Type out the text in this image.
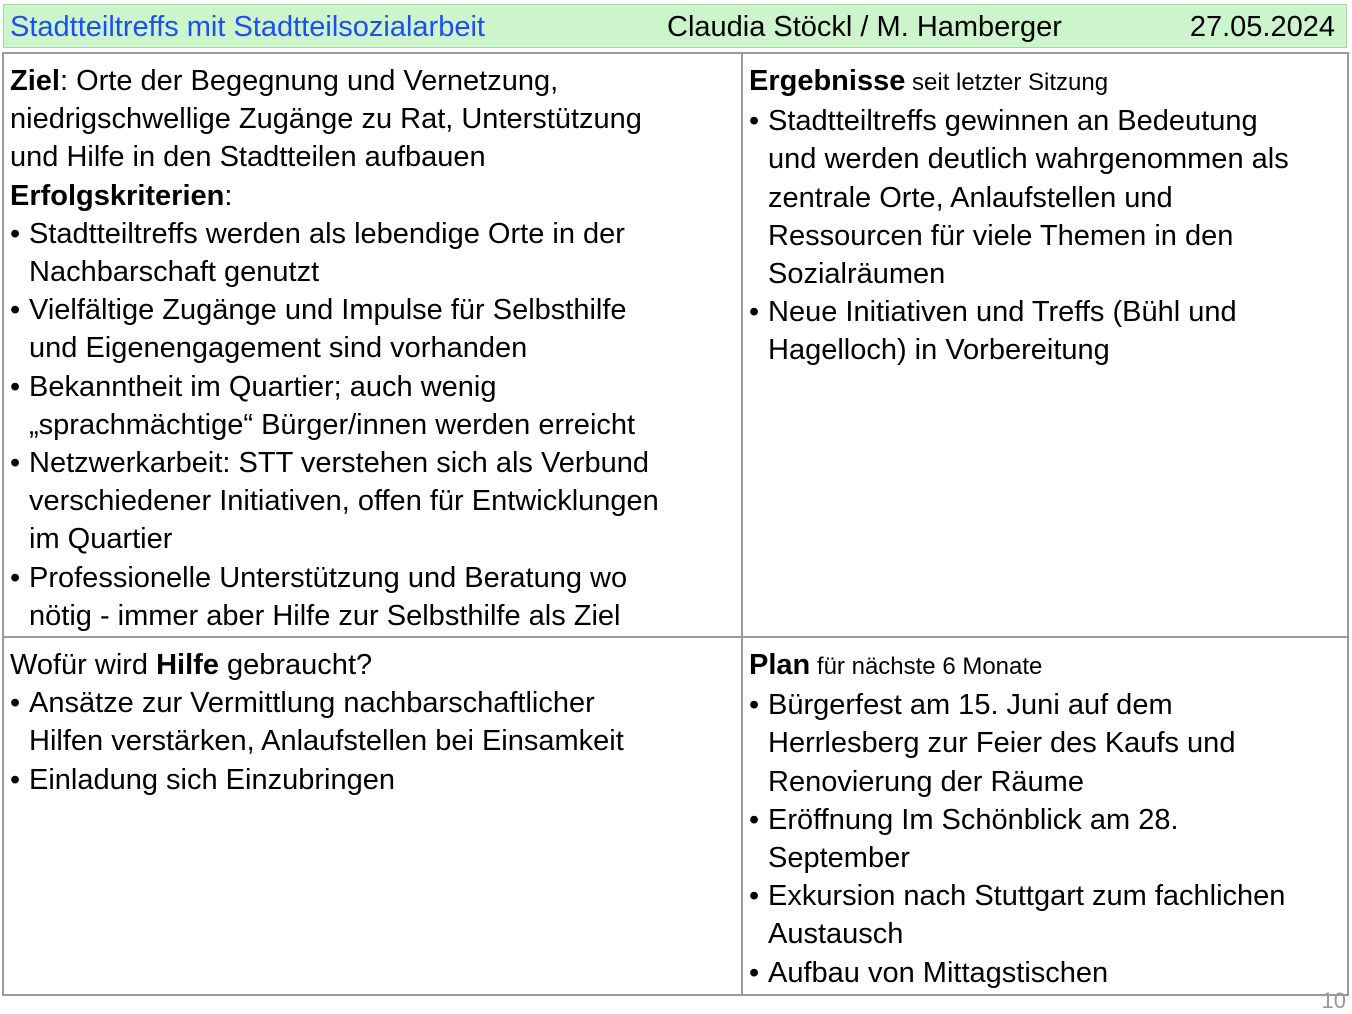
Stadtteiltreffs mit Stadtteilsozialarbeit	Claudia Stöckl / M. Hamberger	27.05.2024
Ziel: Orte der Begegnung und Vernetzung,
niedrigschwellige Zugänge zu Rat, Unterstützung
und Hilfe in den Stadtteilen aufbauen
Erfolgskriterien:
• Stadtteiltreffs werden als lebendige Orte in der
Nachbarschaft genutzt
• Vielfältige Zugänge und Impulse für Selbsthilfe
und Eigenengagement sind vorhanden
• Bekanntheit im Quartier; auch wenig
„sprachmächtige“ Bürger/innen werden erreicht
• Netzwerkarbeit: STT verstehen sich als Verbund
verschiedener Initiativen, offen für Entwicklungen
im Quartier
• Professionelle Unterstützung und Beratung wo
nötig - immer aber Hilfe zur Selbsthilfe als Ziel
Ergebnisse seit letzter Sitzung
• Stadtteiltreffs gewinnen an Bedeutung
und werden deutlich wahrgenommen als
zentrale Orte, Anlaufstellen und
Ressourcen für viele Themen in den
Sozialräumen
• Neue Initiativen und Treffs (Bühl und
Hagelloch) in Vorbereitung
Wofür wird Hilfe gebraucht?
• Ansätze zur Vermittlung nachbarschaftlicher
Hilfen verstärken, Anlaufstellen bei Einsamkeit
• Einladung sich Einzubringen
Plan für nächste 6 Monate
• Bürgerfest am 15. Juni auf dem
Herrlesberg zur Feier des Kaufs und
Renovierung der Räume
• Eröffnung Im Schönblick am 28.
September
• Exkursion nach Stuttgart zum fachlichen
Austausch
• Aufbau von Mittagstischen
10
